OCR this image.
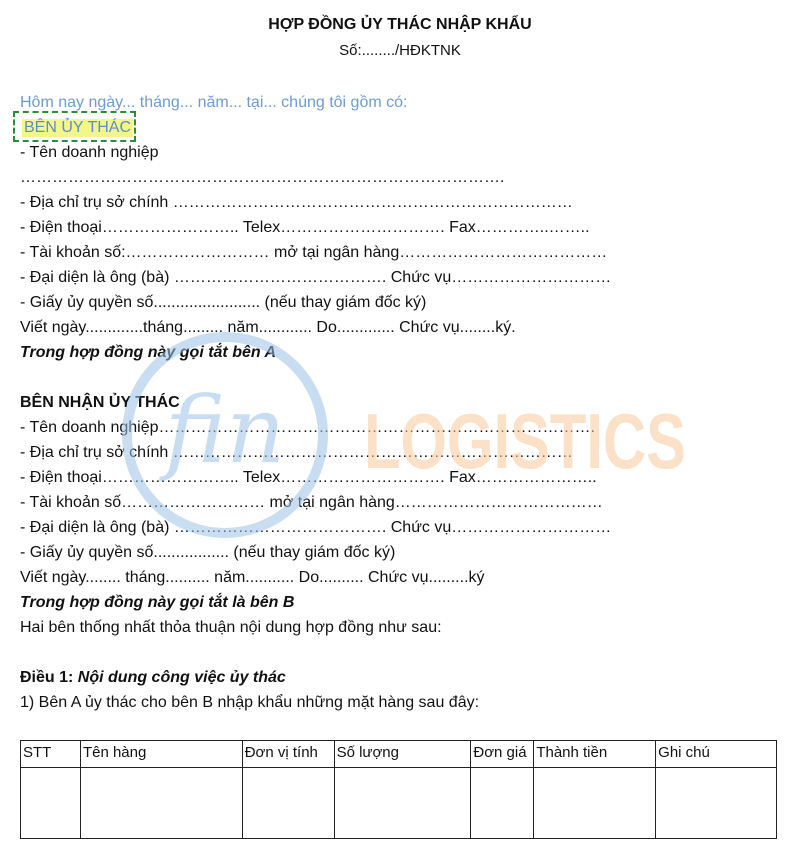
HỢP ĐỒNG ỦY THÁC NHẬP KHẨU
Số:......../HĐKTNK
Hôm nay ngày... tháng... năm... tại... chúng tôi gồm có:
BÊN ỦY THÁC
- Tên doanh nghiệp
……………………………………………………………………………….
- Địa chỉ trụ sở chính …………………………………………………………………
- Điện thoại…………………….. Telex…………………………. Fax…………..……..
- Tài khoản số:……………………… mở tại ngân hàng…………………………………
- Đại diện là ông (bà) …………………………………. Chức vụ…………………………
- Giấy ủy quyền số........................ (nếu thay giám đốc ký)
Viết ngày.............tháng......... năm............ Do............. Chức vụ........ký.
Trong hợp đồng này gọi tắt bên A
BÊN NHẬN ỦY THÁC
- Tên doanh nghiệp……………………………………………………………………….
- Địa chỉ trụ sở chính …………………………………………………………………
- Điện thoại…………………….. Telex…………………………. Fax…………………..
- Tài khoản số……………………… mở tại ngân hàng…………………………………
- Đại diện là ông (bà) …………………………………. Chức vụ…………………………
- Giấy ủy quyền số................. (nếu thay giám đốc ký)
Viết ngày........ tháng.......... năm........... Do.......... Chức vụ.........ký
Trong hợp đồng này gọi tắt là bên B
Hai bên thống nhất thỏa thuận nội dung hợp đồng như sau:
Điều 1: Nội dung công việc ủy thác
1) Bên A ủy thác cho bên B nhập khẩu những mặt hàng sau đây:
STT	Tên hàng	Đơn vị tính	Số lượng	Đơn giá	Thành tiền	Ghi chú

fin LOGISTICS
